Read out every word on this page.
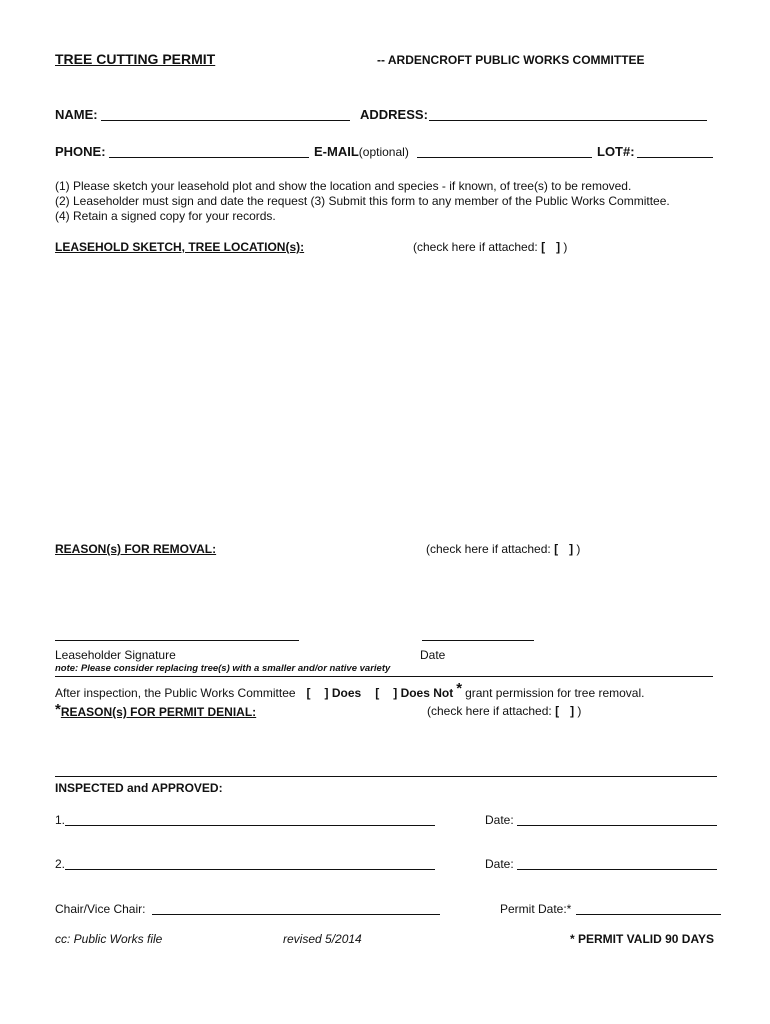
TREE CUTTING PERMIT	-- ARDENCROFT PUBLIC WORKS COMMITTEE
NAME:	ADDRESS:
PHONE:	E-MAIL(optional)	LOT#:
(1) Please sketch your leasehold plot and show the location and species - if known, of tree(s) to be removed.
(2) Leaseholder must sign and date the request (3) Submit this form to any member of the Public Works Committee.
(4) Retain a signed copy for your records.
LEASEHOLD SKETCH, TREE LOCATION(s):	(check here if attached: [ ] )
REASON(s) FOR REMOVAL:	(check here if attached: [ ] )
Leaseholder Signature	Date
note: Please consider replacing tree(s) with a smaller and/or native variety
After inspection, the Public Works Committee [ ] Does [ ] Does Not * grant permission for tree removal.
*REASON(s) FOR PERMIT DENIAL:	(check here if attached: [ ] )
INSPECTED and APPROVED:
1.	Date:
2.	Date:
Chair/Vice Chair:	Permit Date:*
cc: Public Works file	revised 5/2014	* PERMIT VALID 90 DAYS
